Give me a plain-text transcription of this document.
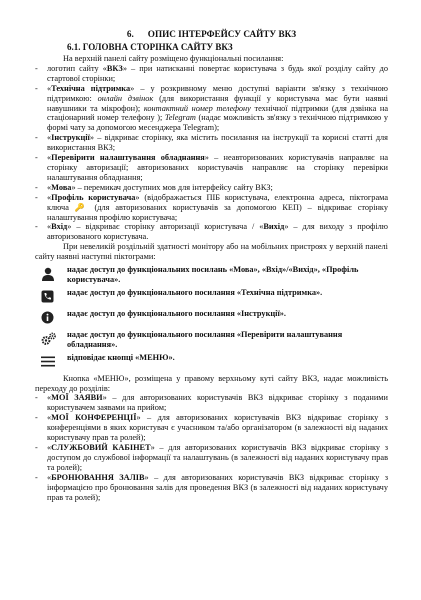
6. ОПИС ІНТЕРФЕЙСУ САЙТУ ВКЗ
6.1. ГОЛОВНА СТОРІНКА САЙТУ ВКЗ

На верхній панелі сайту розміщено функціональні посилання:

- логотип сайту «ВКЗ» – при натисканні повертає користувача з будь якої розділу сайту до стартової сторінки;

- «Технічна підтримка» – у розкривному меню доступні варіанти зв'язку з технічною підтримкою: онлайн дзвінок (для використання функції у користувача має бути наявні навушники та мікрофон); контактний номер телефону технічної підтримки (для дзвінка на стаціонарний номер телефону ); Telegram (надає можливість зв'язку з технічною підтримкою у формі чату за допомогою месенджера Telegram);

- «Інструкції» – відкриває сторінку, яка містить посилання на інструкції та корисні статті для використання ВКЗ;

- «Перевірити налаштування обладнання» – неавторизованих користувачів направляє на сторінку авторизації; авторизованих користувачів направляє на сторінку перевірки налаштування обладнання;

- «Мова» – перемикач доступних мов для інтерфейсу сайту ВКЗ;

- «Профіль користувача» (відображається ПІБ користувача, електронна адреса, піктограма ключа 🔑 (для авторизованих користувачів за допомогою КЕП) – відкриває сторінку налаштування профілю користувача;

- «Вхід» – відкриває сторінку авторизації користувача / «Вихід» – для виходу з профілю авторизованого користувача.

При невеликій роздільній здатності монітору або на мобільних пристроях у верхній панелі сайту наявні наступні піктограми:

надає доступ до функціональних посилань «Мова», «Вхід»/«Вихід», «Профіль користувача».
надає доступ до функціонального посилання «Технічна підтримка».
надає доступ до функціонального посилання «Інструкції».
надає доступ до функціонального посилання «Перевірити налаштування обладнання».
відповідає кнопці «МЕНЮ».

Кнопка «МЕНЮ», розміщена у правому верхньому куті сайту ВКЗ, надає можливість переходу до розділів:

- «МОЇ ЗАЯВИ» – для авторизованих користувачів ВКЗ відкриває сторінку з поданими користувачем заявами на прийом;

- «МОЇ КОНФЕРЕНЦІЇ» – для авторизованих користувачів ВКЗ відкриває сторінку з конференціями в яких користувач є учасником та/або організатором (в залежності від наданих користувачу прав та ролей);

- «СЛУЖБОВИЙ КАБІНЕТ» – для авторизованих користувачів ВКЗ відкриває сторінку з доступом до службової інформації та налаштувань (в залежності від наданих користувачу прав та ролей);

- «БРОНЮВАННЯ ЗАЛІВ» – для авторизованих користувачів ВКЗ відкриває сторінку з інформацією про бронювання залів для проведення ВКЗ (в залежності від наданих користувачу прав та ролей);
